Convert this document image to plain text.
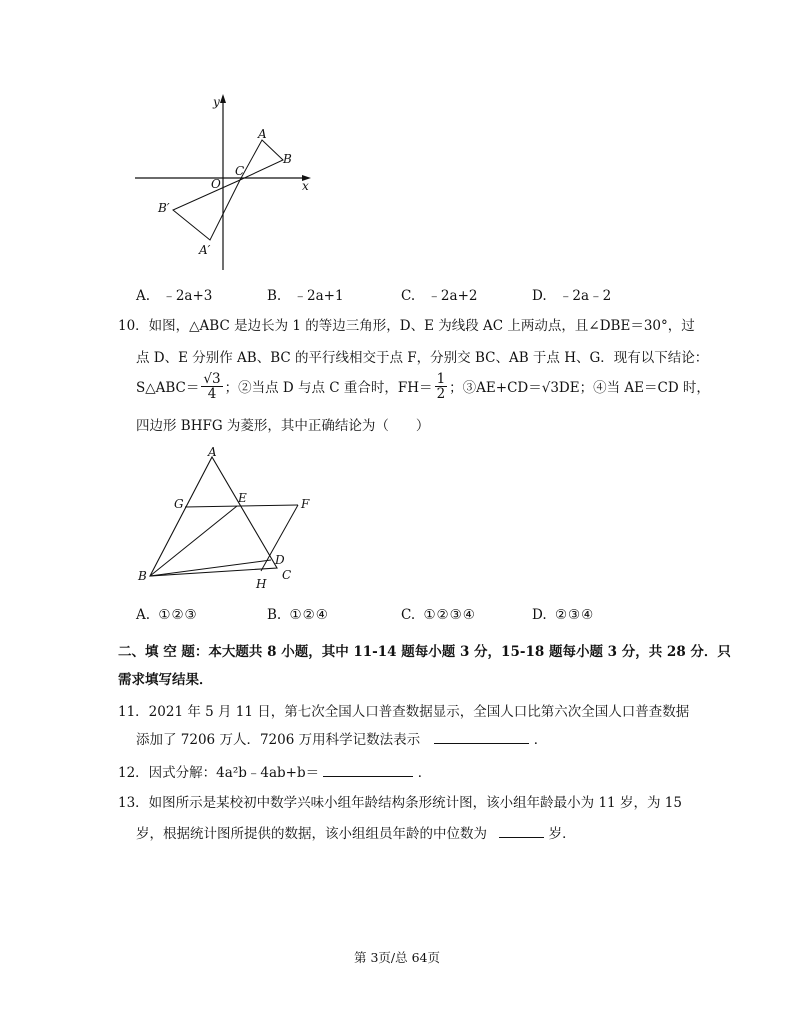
y
x
O
A
B
C
B′
A′
A. ﹣2a+3	B. ﹣2a+1	C. ﹣2a+2	D. ﹣2a﹣2
10．如图，△ABC 是边长为 1 的等边三角形，D、E 为线段 AC 上两动点，且∠DBE＝30°，过
点 D、E 分别作 AB、BC 的平行线相交于点 F，分别交 BC、AB 于点 H、G．现有以下结论：
S△ABC＝ $\frac{√3}{4}$ ；②当点 D 与点 C 重合时，$FH= \frac{1}{2}$ ；③AE+CD＝√3DE；④当 AE＝CD 时，
四边形 BHFG 为菱形，其中正确结论为（　　）
A
G	E	F
D
B
H
C
A. ①②③	B. ①②④	C. ①②③④	D. ②③④
二、填 空 题：本大题共 8 小题，其中 11-14 题每小题 3 分，15-18 题每小题 3 分，共 28 分．只
需求填写结果．
11．2021 年 5 月 11 日，第七次全国人口普查数据显示，全国人口比第六次全国人口普查数据
添加了 7206 万人．7206 万用科学记数法表示	．
12．因式分解：4a²b﹣4ab+b＝	．
13．如图所示是某校初中数学兴味小组年龄结构条形统计图，该小组年龄最小为 11 岁，为 15
岁，根据统计图所提供的数据，该小组组员年龄的中位数为	岁．
第 3页/总 64页
